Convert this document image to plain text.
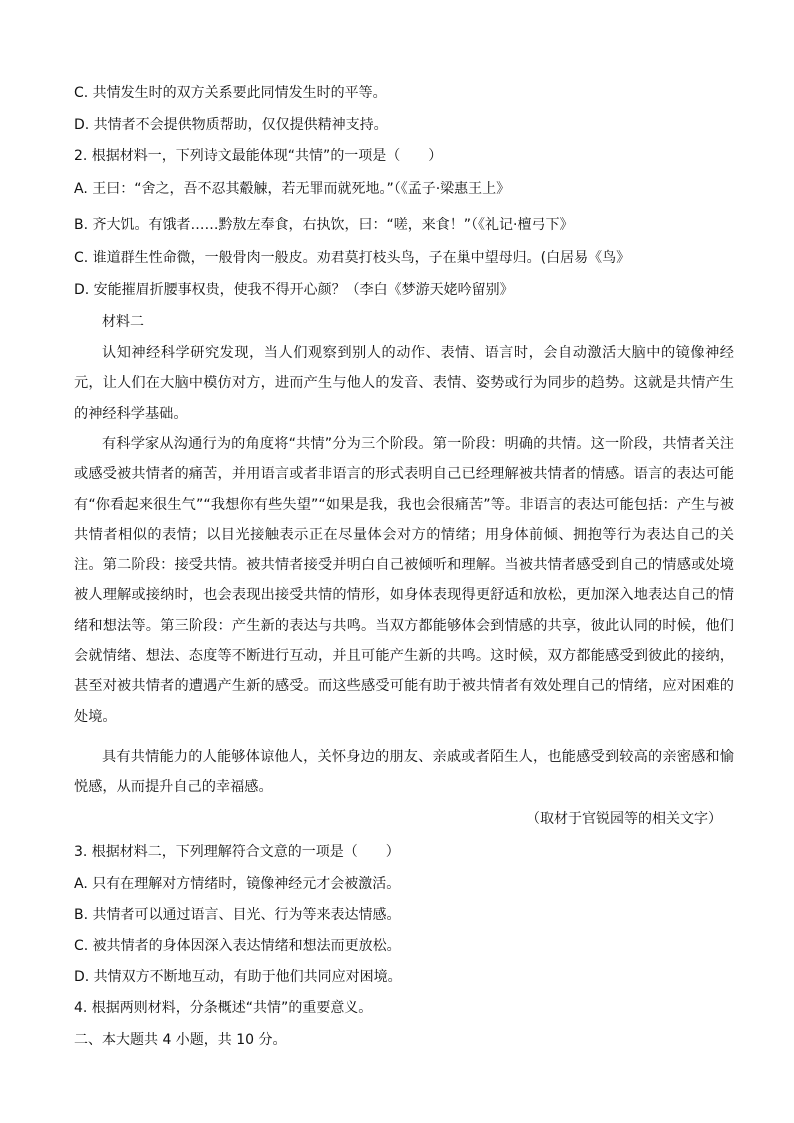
C. 共情发生时的双方关系要此同情发生时的平等。
D. 共情者不会提供物质帮助，仅仅提供精神支持。
2. 根据材料一，下列诗文最能体现“共情”的一项是（　　）
A. 王曰：“舍之，吾不忍其觳觫，若无罪而就死地。”（《孟子·梁惠王上》
B. 齐大饥。有饿者……黔敖左奉食，右执饮，曰：“嗟，来食！”（《礼记·檀弓下》
C. 谁道群生性命微，一般骨肉一般皮。劝君莫打枝头鸟，子在巢中望母归。(白居易《鸟》
D. 安能摧眉折腰事权贵，使我不得开心颜？（李白《梦游天姥吟留别》
材料二
认知神经科学研究发现，当人们观察到别人的动作、表情、语言时，会自动激活大脑中的镜像神经元，让人们在大脑中模仿对方，进而产生与他人的发音、表情、姿势或行为同步的趋势。这就是共情产生的神经科学基础。
有科学家从沟通行为的角度将“共情”分为三个阶段。第一阶段：明确的共情。这一阶段，共情者关注或感受被共情者的痛苦，并用语言或者非语言的形式表明自己已经理解被共情者的情感。语言的表达可能有“你看起来很生气”“我想你有些失望”“如果是我，我也会很痛苦”等。非语言的表达可能包括：产生与被共情者相似的表情；以目光接触表示正在尽量体会对方的情绪；用身体前倾、拥抱等行为表达自己的关注。第二阶段：接受共情。被共情者接受并明白自己被倾听和理解。当被共情者感受到自己的情感或处境被人理解或接纳时，也会表现出接受共情的情形，如身体表现得更舒适和放松，更加深入地表达自己的情绪和想法等。第三阶段：产生新的表达与共鸣。当双方都能够体会到情感的共享，彼此认同的时候，他们会就情绪、想法、态度等不断进行互动，并且可能产生新的共鸣。这时候，双方都能感受到彼此的接纳，甚至对被共情者的遭遇产生新的感受。而这些感受可能有助于被共情者有效处理自己的情绪，应对困难的处境。
具有共情能力的人能够体谅他人，关怀身边的朋友、亲戚或者陌生人，也能感受到较高的亲密感和愉悦感，从而提升自己的幸福感。
（取材于官锐园等的相关文字）
3. 根据材料二，下列理解符合文意的一项是（　　）
A. 只有在理解对方情绪时，镜像神经元才会被激活。
B. 共情者可以通过语言、目光、行为等来表达情感。
C. 被共情者的身体因深入表达情绪和想法而更放松。
D. 共情双方不断地互动，有助于他们共同应对困境。
4. 根据两则材料，分条概述“共情”的重要意义。
二、本大题共 4 小题，共 10 分。
